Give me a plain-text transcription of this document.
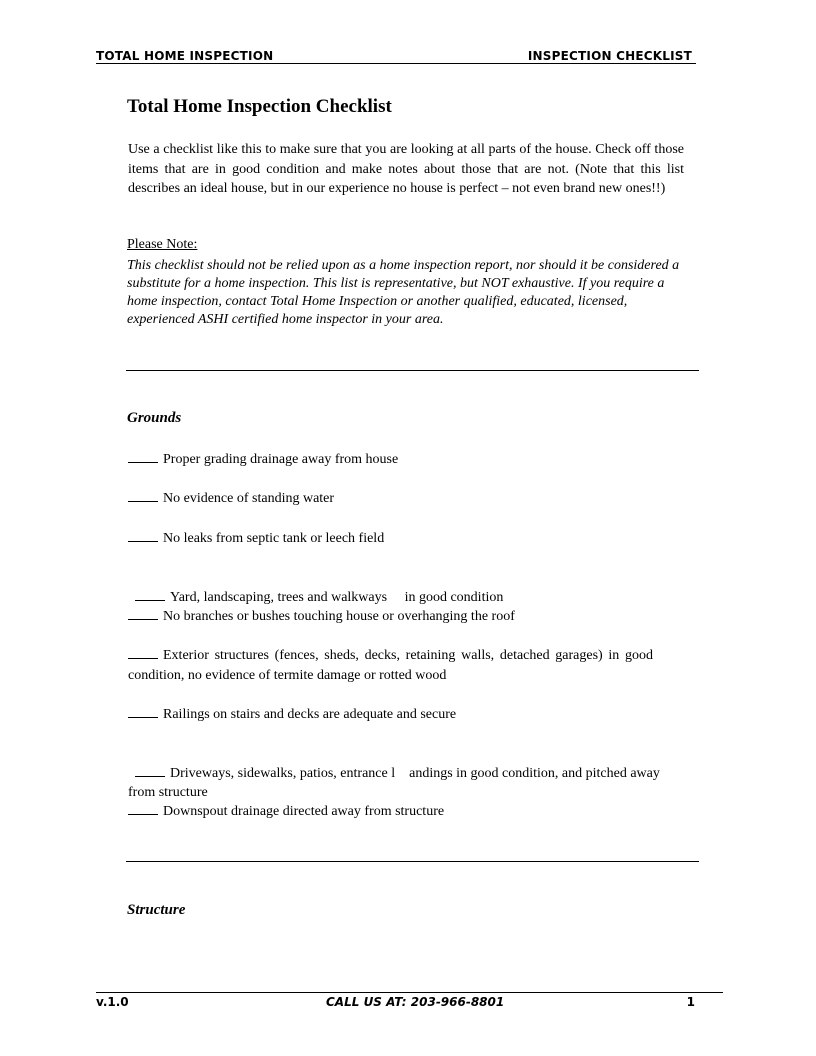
TOTAL HOME INSPECTION	INSPECTION CHECKLIST
Total Home Inspection Checklist

Use a checklist like this to make sure that you are looking at all parts of the house. Check off those items that are in good condition and make notes about those that are not. (Note that this list describes an ideal house, but in our experience no house is perfect – not even brand new ones!!)

Please Note:
This checklist should not be relied upon as a home inspection report, nor should it be considered a substitute for a home inspection. This list is representative, but NOT exhaustive. If you require a home inspection, contact Total Home Inspection or another qualified, educated, licensed, experienced ASHI certified home inspector in your area.
Grounds
Proper grading drainage away from house
No evidence of standing water
No leaks from septic tank or leech field

Yard, landscaping, trees and walkways     in good condition

No branches or bushes touching house or overhanging the roof
Exterior structures (fences, sheds, decks, retaining walls, detached garages) in good condition, no evidence of termite damage or rotted wood
Railings on stairs and decks are adequate and secure

Driveways, sidewalks, patios, entrance l    andings in good condition, and pitched away from structure

Downspout drainage directed away from structure
Structure
v.1.0	CALL US AT: 203-966-8801	1
